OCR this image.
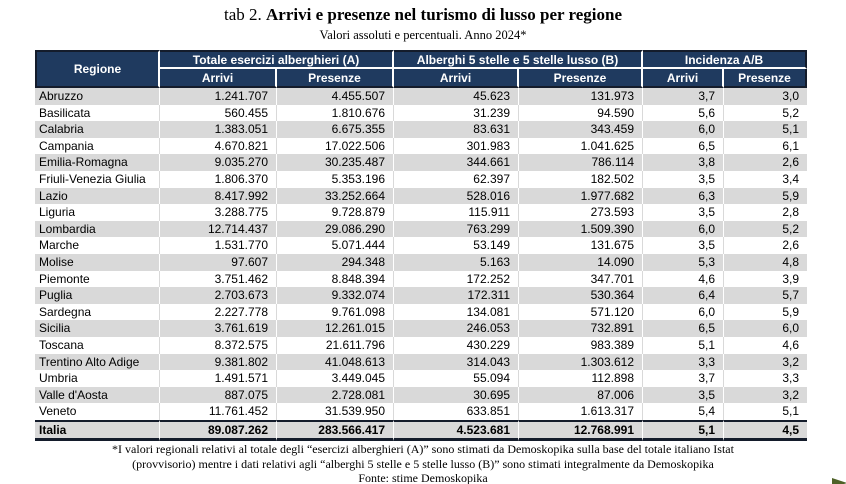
tab 2. Arrivi e presenze nel turismo di lusso per regione
Valori assoluti e percentuali. Anno 2024*
Regione	Totale esercizi alberghieri (A)		Alberghi 5 stelle e 5 stelle lusso (B)		Incidenza A/B	
	Arrivi	Presenze	Arrivi	Presenze	Arrivi	Presenze
Abruzzo	1.241.707	4.455.507	45.623	131.973	3,7	3,0
Basilicata	560.455	1.810.676	31.239	94.590	5,6	5,2
Calabria	1.383.051	6.675.355	83.631	343.459	6,0	5,1
Campania	4.670.821	17.022.506	301.983	1.041.625	6,5	6,1
Emilia-Romagna	9.035.270	30.235.487	344.661	786.114	3,8	2,6
Friuli-Venezia Giulia	1.806.370	5.353.196	62.397	182.502	3,5	3,4
Lazio	8.417.992	33.252.664	528.016	1.977.682	6,3	5,9
Liguria	3.288.775	9.728.879	115.911	273.593	3,5	2,8
Lombardia	12.714.437	29.086.290	763.299	1.509.390	6,0	5,2
Marche	1.531.770	5.071.444	53.149	131.675	3,5	2,6
Molise	97.607	294.348	5.163	14.090	5,3	4,8
Piemonte	3.751.462	8.848.394	172.252	347.701	4,6	3,9
Puglia	2.703.673	9.332.074	172.311	530.364	6,4	5,7
Sardegna	2.227.778	9.761.098	134.081	571.120	6,0	5,9
Sicilia	3.761.619	12.261.015	246.053	732.891	6,5	6,0
Toscana	8.372.575	21.611.796	430.229	983.389	5,1	4,6
Trentino Alto Adige	9.381.802	41.048.613	314.043	1.303.612	3,3	3,2
Umbria	1.491.571	3.449.045	55.094	112.898	3,7	3,3
Valle d'Aosta	887.075	2.728.081	30.695	87.006	3,5	3,2
Veneto	11.761.452	31.539.950	633.851	1.613.317	5,4	5,1
Italia	89.087.262	283.566.417	4.523.681	12.768.991	5,1	4,5
*I valori regionali relativi al totale degli “esercizi alberghieri (A)” sono stimati da Demoskopika sulla base del totale italiano Istat
(provvisorio) mentre i dati relativi agli “alberghi 5 stelle e 5 stelle lusso (B)” sono stimati integralmente da Demoskopika
Fonte: stime Demoskopika
